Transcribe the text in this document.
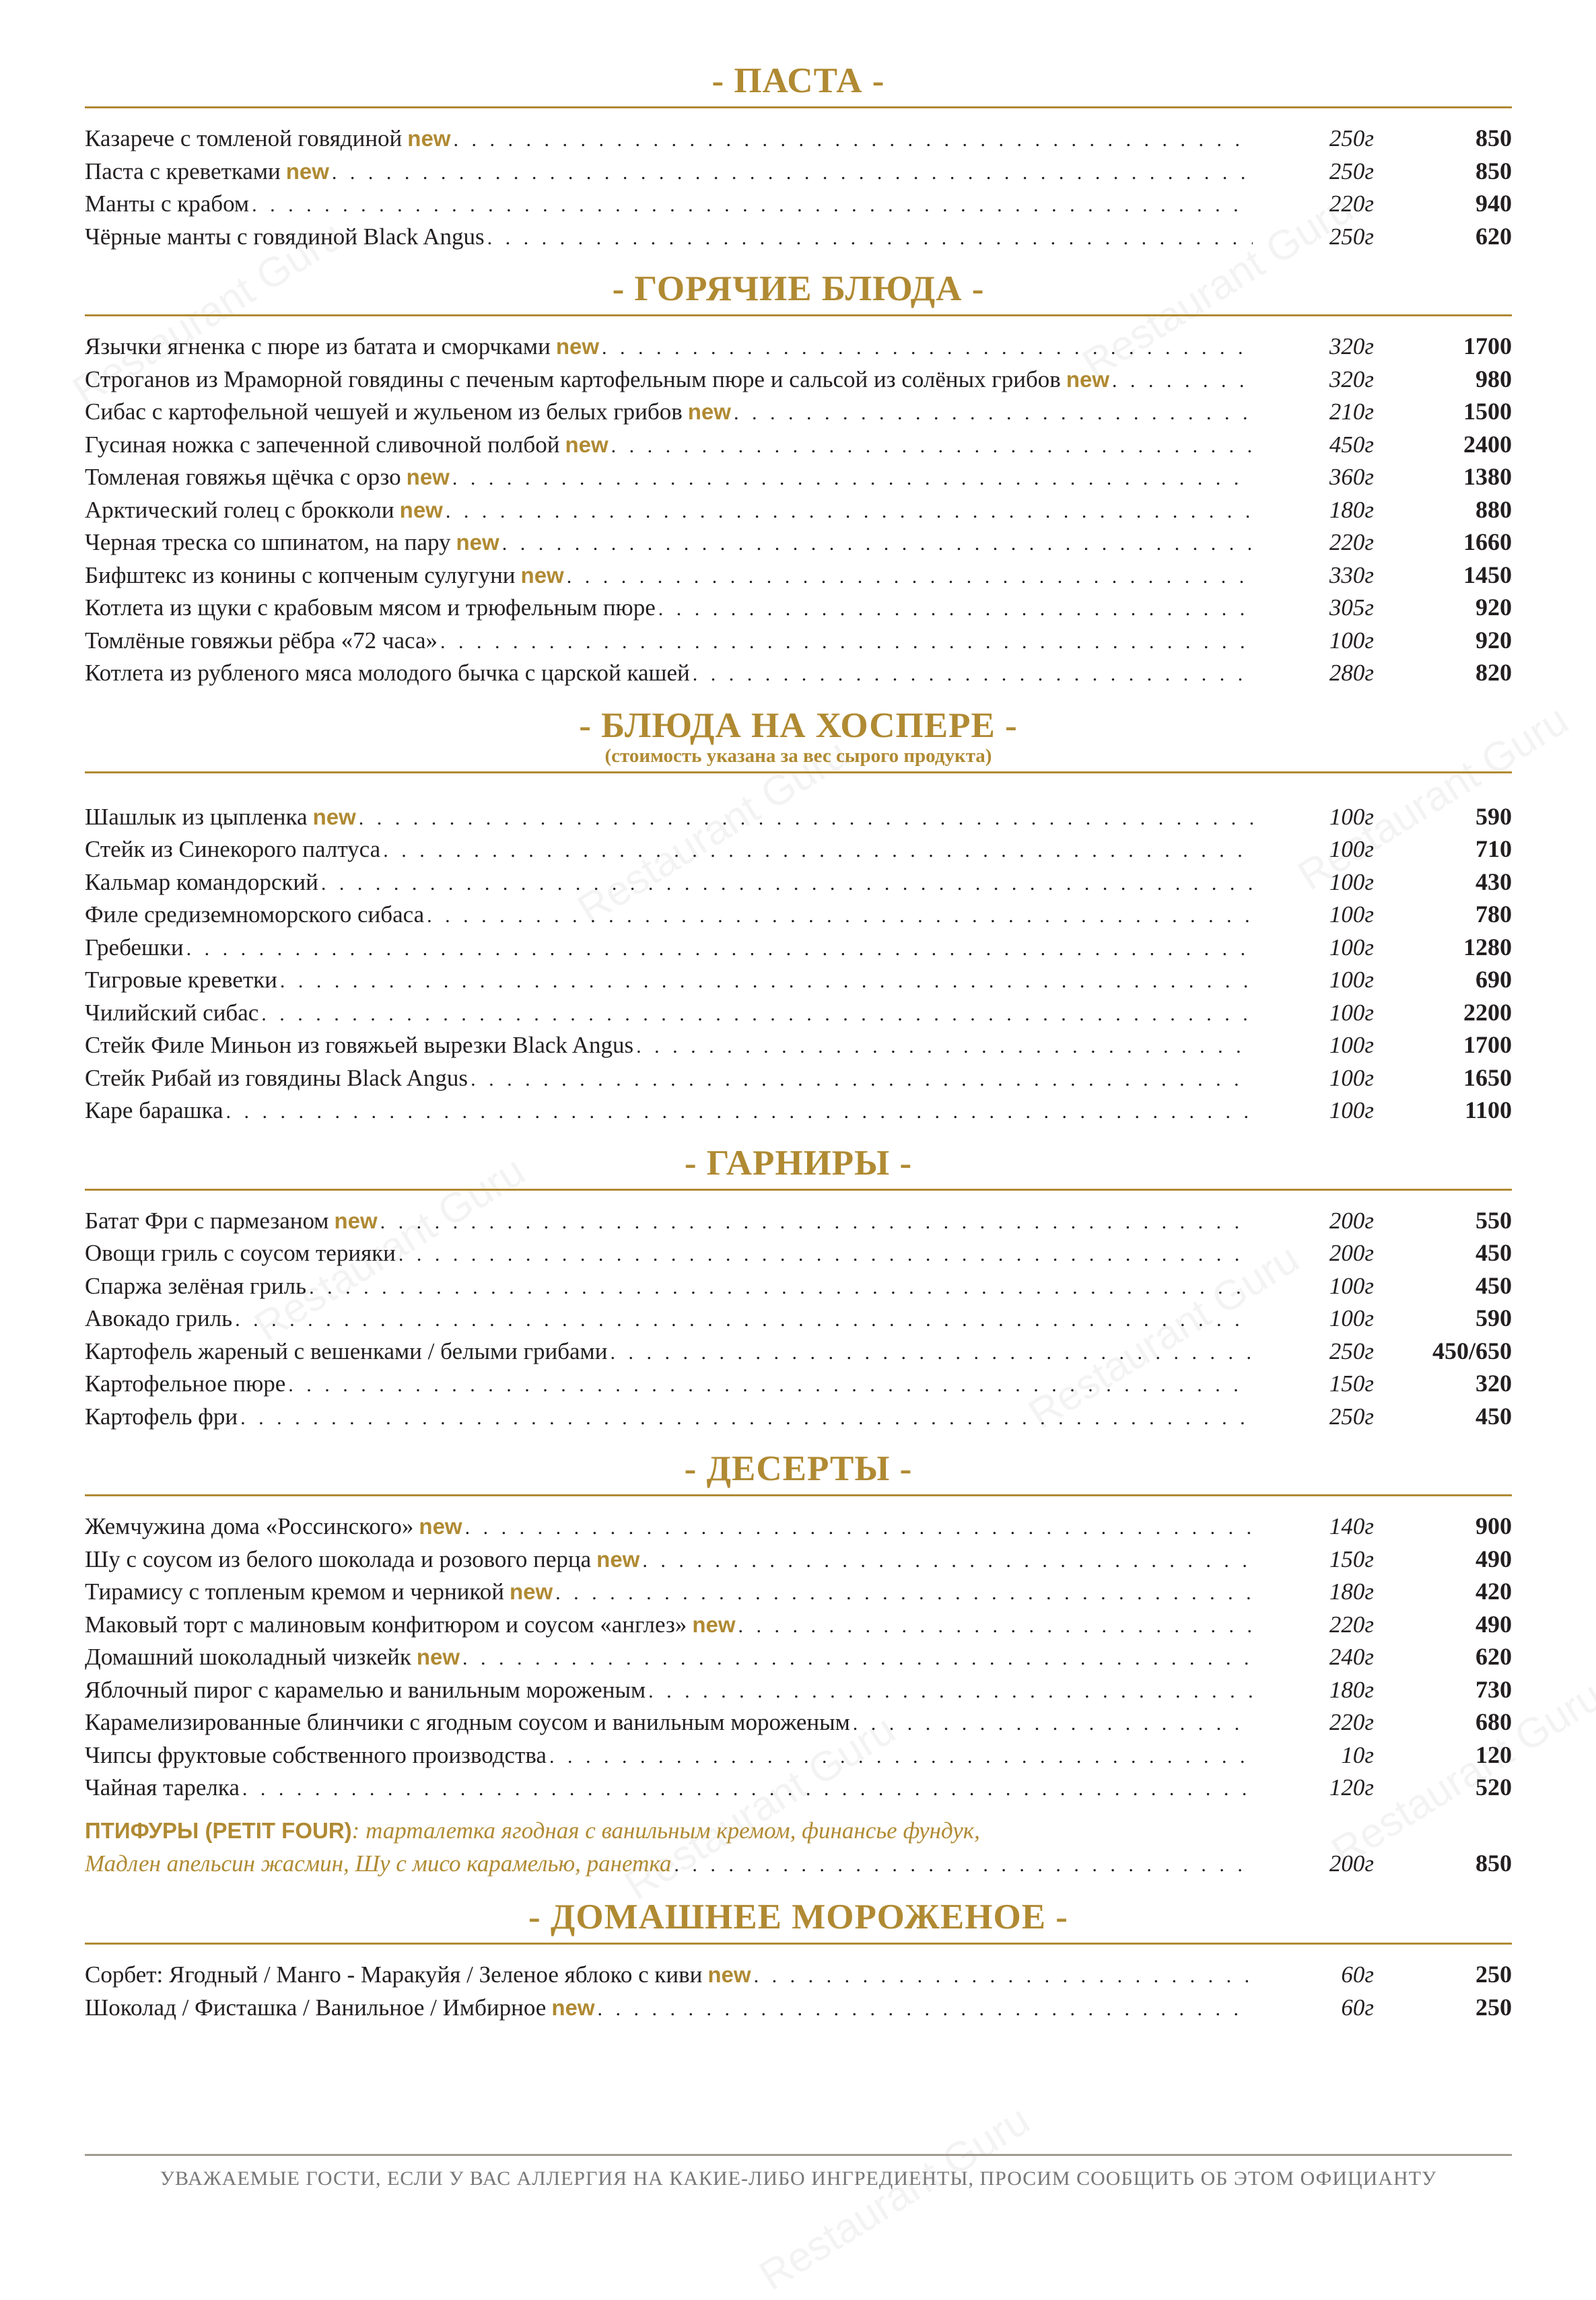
- ПАСТА -
Казаречe с томленой говядиной new . . .	250г	850
Паста с креветками new . . .	250г	850
Манты с крабом . . .	220г	940
Чёрные манты с говядиной Black Angus . . .	250г	620
- ГОРЯЧИЕ БЛЮДА -
Язычки ягненка с пюре из батата и сморчками new . . .	320г	1700
Строганов из Мраморной говядины с печеным картофельным пюре и сальсой из солёных грибов new . . .	320г	980
Сибас с картофельной чешуей и жульеном из белых грибов new . . .	210г	1500
Гусиная ножка с запеченной сливочной полбой new . . .	450г	2400
Томленая говяжья щёчка с орзо new . . .	360г	1380
Арктический голец с брокколи new . . .	180г	880
Черная треска со шпинатом, на пару new . . .	220г	1660
Бифштекс из конины с копченым сулугуни new . . .	330г	1450
Котлета из щуки с крабовым мясом и трюфельным пюре . . .	305г	920
Томлёные говяжьи рёбра «72 часа» . . .	100г	920
Котлета из рубленого мяса молодого бычка с царской кашей . . .	280г	820
- БЛЮДА НА ХОСПЕРЕ -
(стоимость указана за вес сырого продукта)
Шашлык из цыпленка new . . .	100г	590
Стейк из Синекорого палтуса . . .	100г	710
Кальмар командорский . . .	100г	430
Филе средиземноморского сибаса . . .	100г	780
Гребешки . . .	100г	1280
Тигровые креветки . . .	100г	690
Чилийский сибас . . .	100г	2200
Стейк Филе Миньон из говяжьей вырезки Black Angus . . .	100г	1700
Стейк Рибай из говядины Black Angus . . .	100г	1650
Каре барашка . . .	100г	1100
- ГАРНИРЫ -
Батат Фри с пармезаном new . . .	200г	550
Овощи гриль с соусом терияки . . .	200г	450
Спаржа зелёная гриль . . .	100г	450
Авокадо гриль . . .	100г	590
Картофель жареный с вешенками / белыми грибами . . .	250г	450/650
Картофельное пюре . . .	150г	320
Картофель фри . . .	250г	450
- ДЕСЕРТЫ -
Жемчужина дома «Россинского» new . . .	140г	900
Шу с соусом из белого шоколада и розового перца new . . .	150г	490
Тирамису с топленым кремом и черникой new . . .	180г	420
Маковый торт с малиновым конфитюром и соусом «англез» new . . .	220г	490
Домашний шоколадный чизкейк new . . .	240г	620
Яблочный пирог с карамелью и ванильным мороженым . . .	180г	730
Карамелизированные блинчики с ягодным соусом и ванильным мороженым . . .	220г	680
Чипсы фруктовые собственного производства . . .	10г	120
Чайная тарелка . . .	120г	520
ПТИФУРЫ (PETIT FOUR): тарталетка ягодная с ванильным кремом, финансье фундук,
Мадлен апельсин жасмин, Шу с мисо карамелью, ранетка . . .	200г	850
- ДОМАШНЕЕ МОРОЖЕНОЕ -
Сорбет: Ягодный / Манго - Маракуйя / Зеленое яблоко с киви new . . .	60г	250
Шоколад / Фисташка / Ванильное / Имбирное new . . .	60г	250
УВАЖАЕМЫЕ ГОСТИ, ЕСЛИ У ВАС АЛЛЕРГИЯ НА КАКИЕ-ЛИБО ИНГРЕДИЕНТЫ, ПРОСИМ СООБЩИТЬ ОБ ЭТОМ ОФИЦИАНТУ
